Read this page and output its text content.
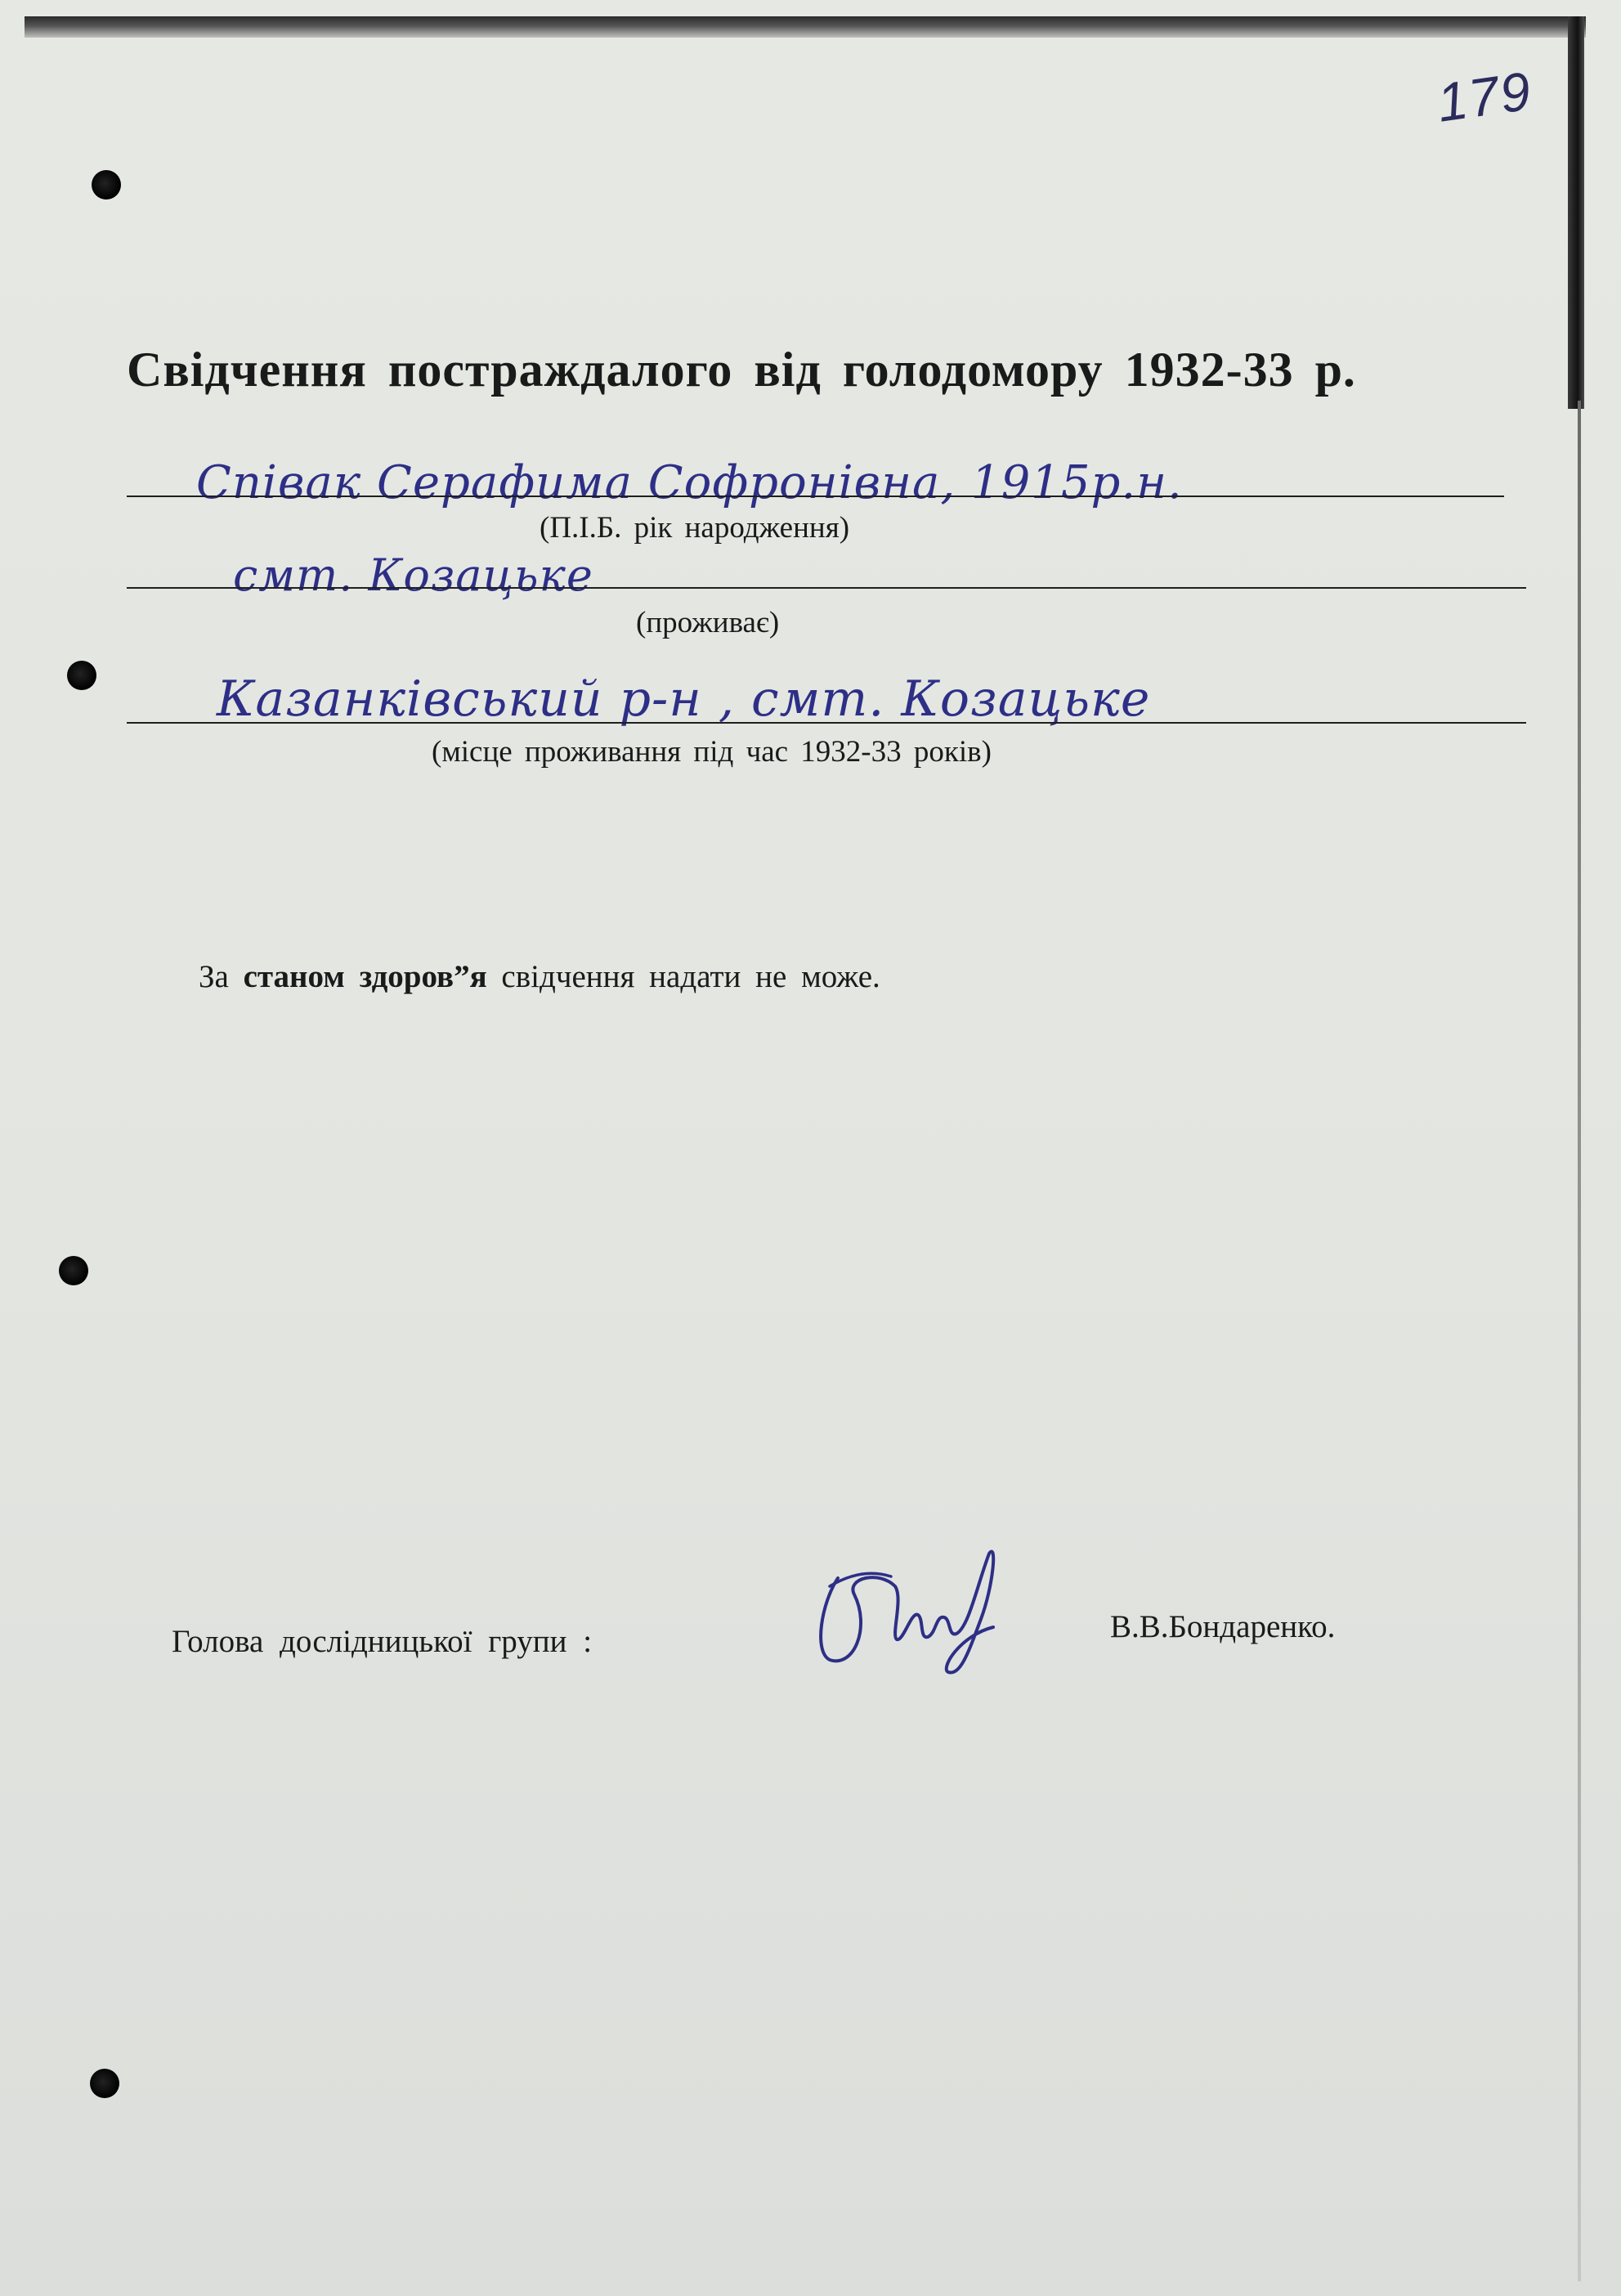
179
Свідчення постраждалого від голодомору 1932-33 р.

Співак Серафима Софронівна, 1915р.н.

(П.І.Б. рік народження)

смт. Козацьке

(проживає)

Казанківський р-н , смт. Козацьке

(місце проживання під час 1932-33 років)

За станом здоров”я свідчення надати не може.

Голова дослідницької групи :	В.В.Бондаренко.
